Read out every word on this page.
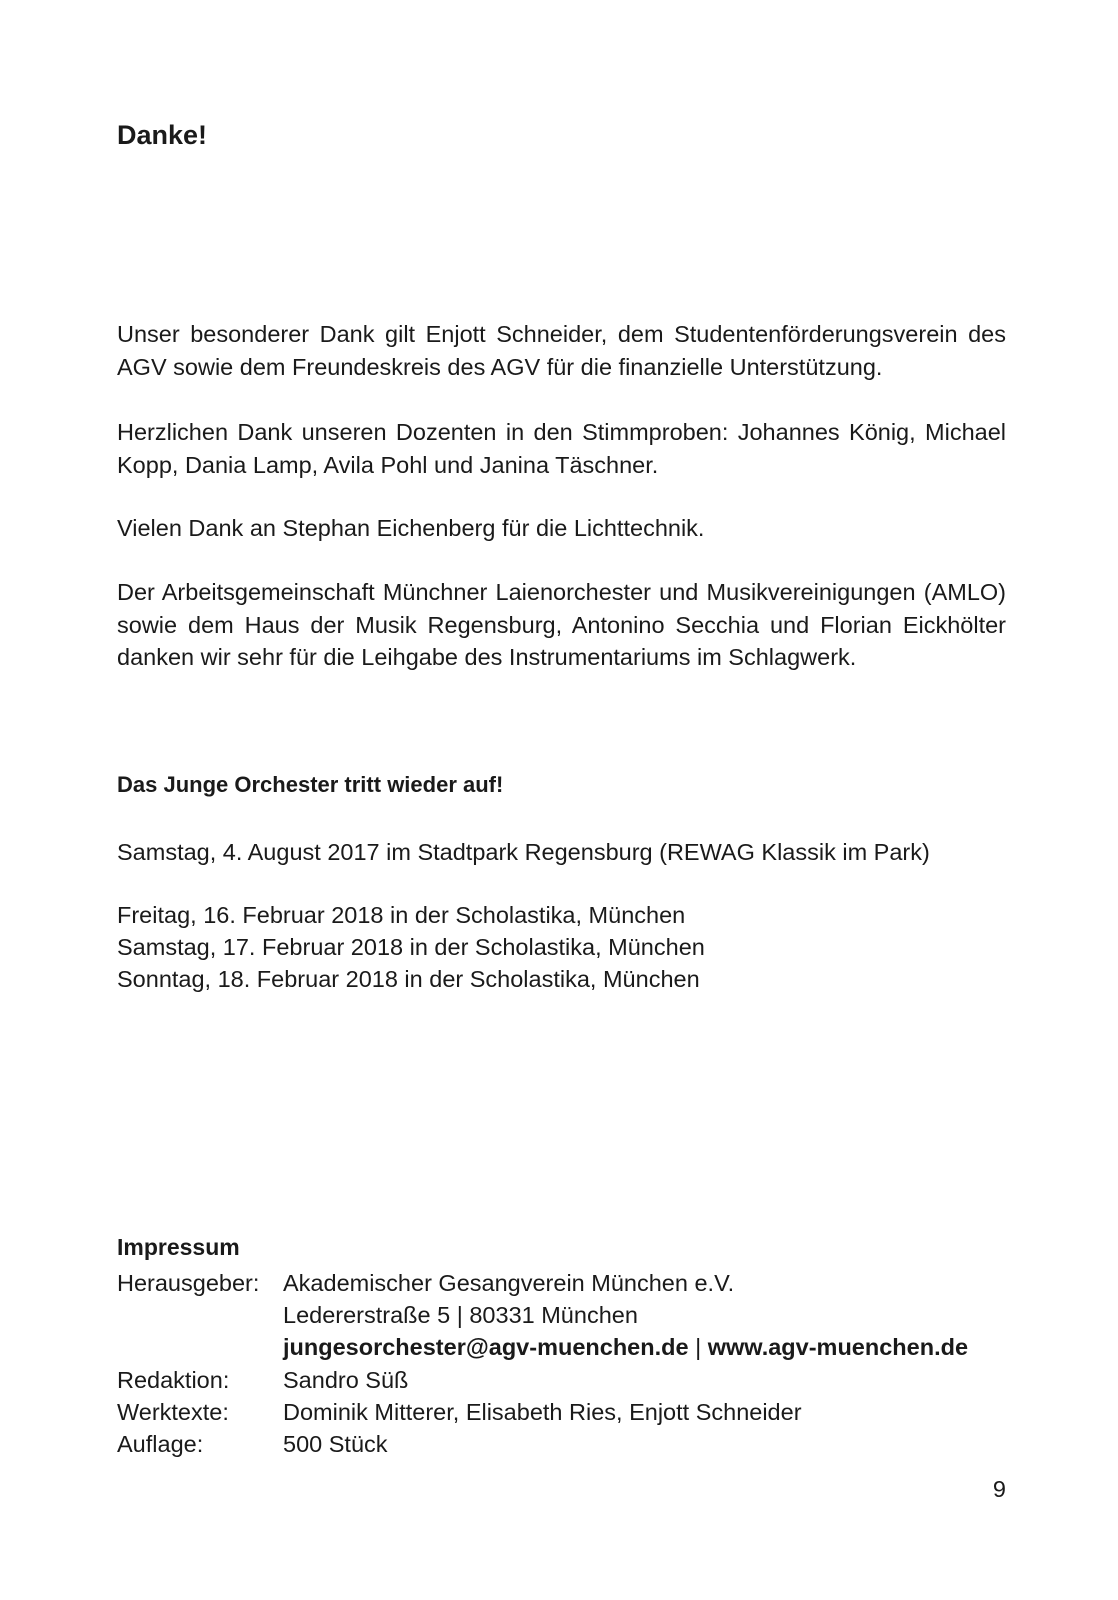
Danke!

Unser besonderer Dank gilt Enjott Schneider, dem Studentenförderungsverein des AGV sowie dem Freundeskreis des AGV für die finanzielle Unterstützung.

Herzlichen Dank unseren Dozenten in den Stimmproben: Johannes König, Michael Kopp, Dania Lamp, Avila Pohl und Janina Täschner.

Vielen Dank an Stephan Eichenberg für die Lichttechnik.

Der Arbeitsgemeinschaft Münchner Laienorchester und Musikvereinigungen (AMLO) sowie dem Haus der Musik Regensburg, Antonino Secchia und Florian Eickhölter danken wir sehr für die Leihgabe des Instrumentariums im Schlagwerk.

Das Junge Orchester tritt wieder auf!

Samstag, 4. August 2017 im Stadtpark Regensburg (REWAG Klassik im Park)

Freitag, 16. Februar 2018 in der Scholastika, München

Samstag, 17. Februar 2018 in der Scholastika, München

Sonntag, 18. Februar 2018 in der Scholastika, München

Impressum
Herausgeber: Akademischer Gesangverein München e.V.
Ledererstraße 5 | 80331 München
jungesorchester@agv-muenchen.de | www.agv-muenchen.de
Redaktion: Sandro Süß
Werktexte: Dominik Mitterer, Elisabeth Ries, Enjott Schneider
Auflage:	500 Stück
9
